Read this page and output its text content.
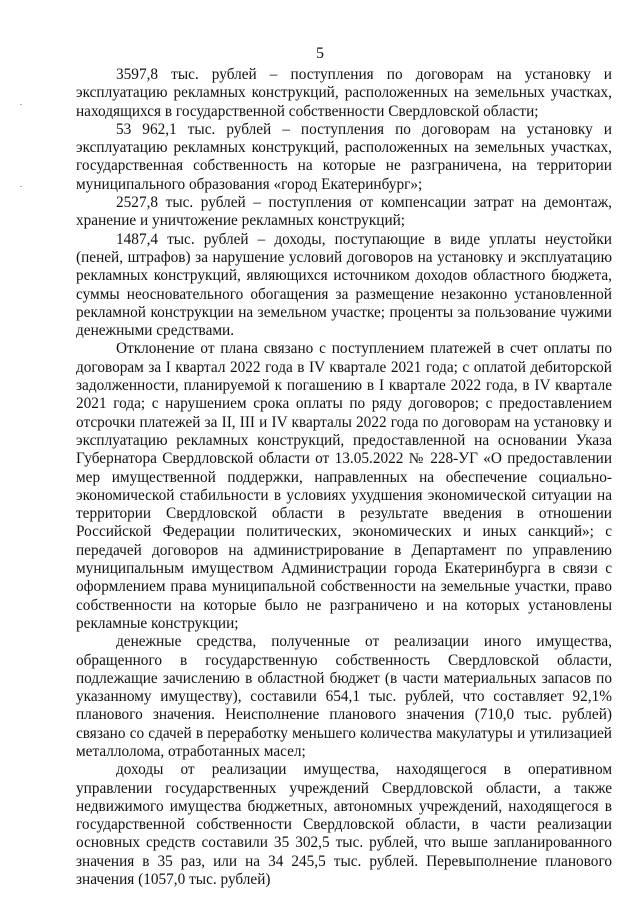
5

3597,8 тыс. рублей – поступления по договорам на установку и эксплуатацию рекламных конструкций, расположенных на земельных участках, находящихся в государственной собственности Свердловской области;

53 962,1 тыс. рублей – поступления по договорам на установку и эксплуатацию рекламных конструкций, расположенных на земельных участках, государственная собственность на которые не разграничена, на территории муниципального образования «город Екатеринбург»;

2527,8 тыс. рублей – поступления от компенсации затрат на демонтаж, хранение и уничтожение рекламных конструкций;

1487,4 тыс. рублей – доходы, поступающие в виде уплаты неустойки (пеней, штрафов) за нарушение условий договоров на установку и эксплуатацию рекламных конструкций, являющихся источником доходов областного бюджета, суммы неосновательного обогащения за размещение незаконно установленной рекламной конструкции на земельном участке; проценты за пользование чужими денежными средствами.

Отклонение от плана связано с поступлением платежей в счет оплаты по договорам за I квартал 2022 года в IV квартале 2021 года; с оплатой дебиторской задолженности, планируемой к погашению в I квартале 2022 года, в IV квартале 2021 года; с нарушением срока оплаты по ряду договоров; с предоставлением отсрочки платежей за II, III и IV кварталы 2022 года по договорам на установку и эксплуатацию рекламных конструкций, предоставленной на основании Указа Губернатора Свердловской области от 13.05.2022 № 228-УГ «О предоставлении мер имущественной поддержки, направленных на обеспечение социально-экономической стабильности в условиях ухудшения экономической ситуации на территории Свердловской области в результате введения в отношении Российской Федерации политических, экономических и иных санкций»; с передачей договоров на администрирование в Департамент по управлению муниципальным имуществом Администрации города Екатеринбурга в связи с оформлением права муниципальной собственности на земельные участки, право собственности на которые было не разграничено и на которых установлены рекламные конструкции;

денежные средства, полученные от реализации иного имущества, обращенного в государственную собственность Свердловской области, подлежащие зачислению в областной бюджет (в части материальных запасов по указанному имуществу), составили 654,1 тыс. рублей, что составляет 92,1% планового значения. Неисполнение планового значения (710,0 тыс. рублей) связано со сдачей в переработку меньшего количества макулатуры и утилизацией металлолома, отработанных масел;

доходы от реализации имущества, находящегося в оперативном управлении государственных учреждений Свердловской области, а также недвижимого имущества бюджетных, автономных учреждений, находящегося в государственной собственности Свердловской области, в части реализации основных средств составили 35 302,5 тыс. рублей, что выше запланированного значения в 35 раз, или на 34 245,5 тыс. рублей. Перевыполнение планового значения (1057,0 тыс. рублей)
